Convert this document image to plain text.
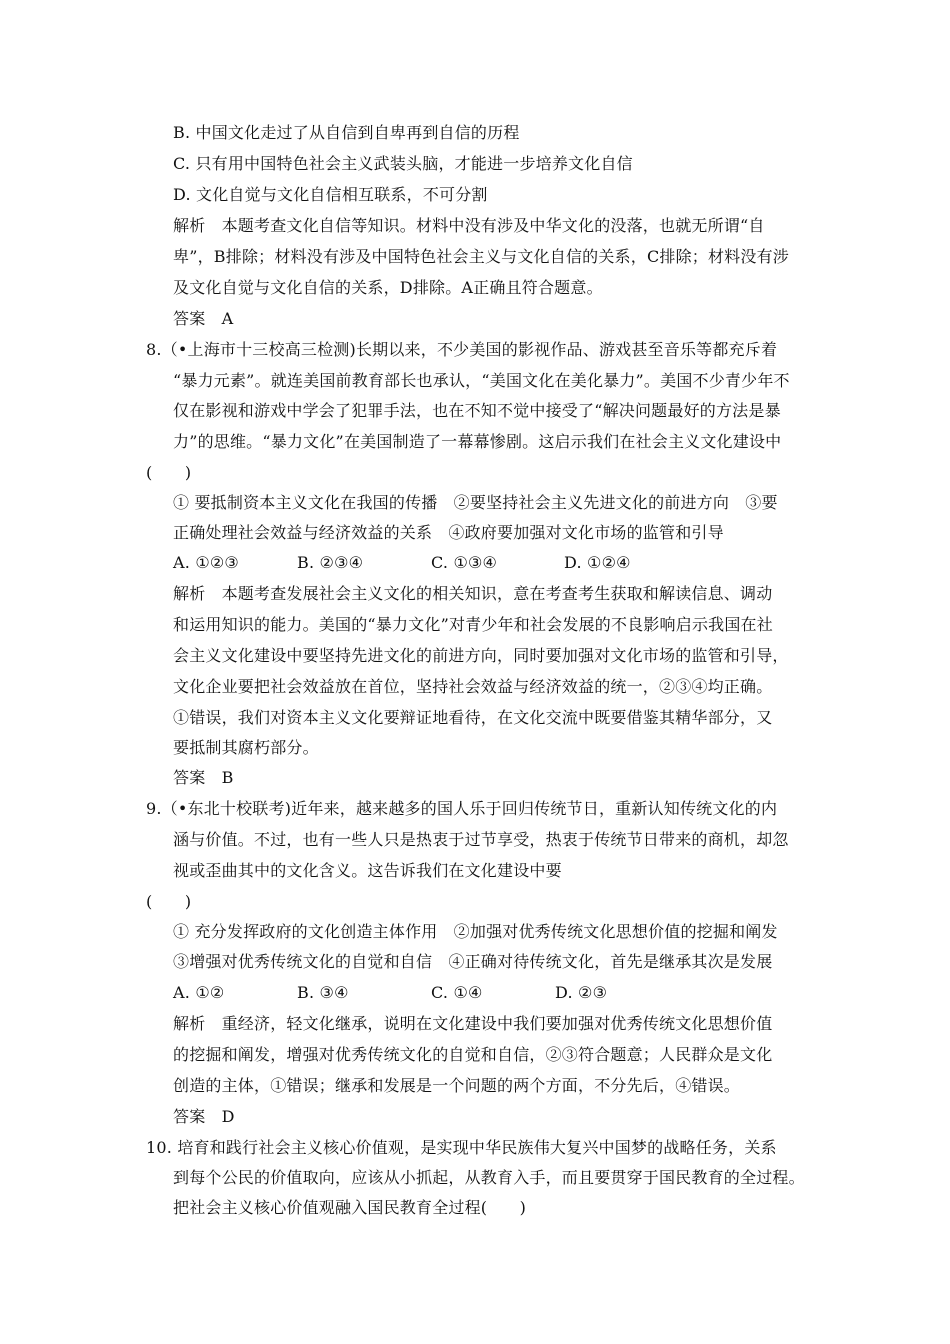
B. 中国文化走过了从自信到自卑再到自信的历程
C. 只有用中国特色社会主义武装头脑，才能进一步培养文化自信
D. 文化自觉与文化自信相互联系，不可分割
解析　本题考查文化自信等知识。材料中没有涉及中华文化的没落，也就无所谓“自
卑”，B排除；材料没有涉及中国特色社会主义与文化自信的关系，C排除；材料没有涉
及文化自觉与文化自信的关系，D排除。A正确且符合题意。
答案　A
8.（•上海市十三校高三检测)长期以来，不少美国的影视作品、游戏甚至音乐等都充斥着
“暴力元素”。就连美国前教育部长也承认，“美国文化在美化暴力”。美国不少青少年不
仅在影视和游戏中学会了犯罪手法，也在不知不觉中接受了“解决问题最好的方法是暴
力”的思维。“暴力文化”在美国制造了一幕幕惨剧。这启示我们在社会主义文化建设中
(　　)
① 要抵制资本主义文化在我国的传播　②要坚持社会主义先进文化的前进方向　③要
正确处理社会效益与经济效益的关系　④政府要加强对文化市场的监管和引导
A. ①②③	B. ②③④	C. ①③④	D. ①②④
解析　本题考查发展社会主义文化的相关知识，意在考查考生获取和解读信息、调动
和运用知识的能力。美国的“暴力文化”对青少年和社会发展的不良影响启示我国在社
会主义文化建设中要坚持先进文化的前进方向，同时要加强对文化市场的监管和引导，
文化企业要把社会效益放在首位，坚持社会效益与经济效益的统一，②③④均正确。
①错误，我们对资本主义文化要辩证地看待，在文化交流中既要借鉴其精华部分，又
要抵制其腐朽部分。
答案　B
9.（•东北十校联考)近年来，越来越多的国人乐于回归传统节日，重新认知传统文化的内
涵与价值。不过，也有一些人只是热衷于过节享受，热衷于传统节日带来的商机，却忽
视或歪曲其中的文化含义。这告诉我们在文化建设中要
(　　)
① 充分发挥政府的文化创造主体作用　②加强对优秀传统文化思想价值的挖掘和阐发
③增强对优秀传统文化的自觉和自信　④正确对待传统文化，首先是继承其次是发展
A. ①②	B. ③④	C. ①④	D. ②③
解析　重经济，轻文化继承，说明在文化建设中我们要加强对优秀传统文化思想价值
的挖掘和阐发，增强对优秀传统文化的自觉和自信，②③符合题意；人民群众是文化
创造的主体，①错误；继承和发展是一个问题的两个方面，不分先后，④错误。
答案　D
10. 培育和践行社会主义核心价值观，是实现中华民族伟大复兴中国梦的战略任务，关系
到每个公民的价值取向，应该从小抓起，从教育入手，而且要贯穿于国民教育的全过程。
把社会主义核心价值观融入国民教育全过程(　　)
